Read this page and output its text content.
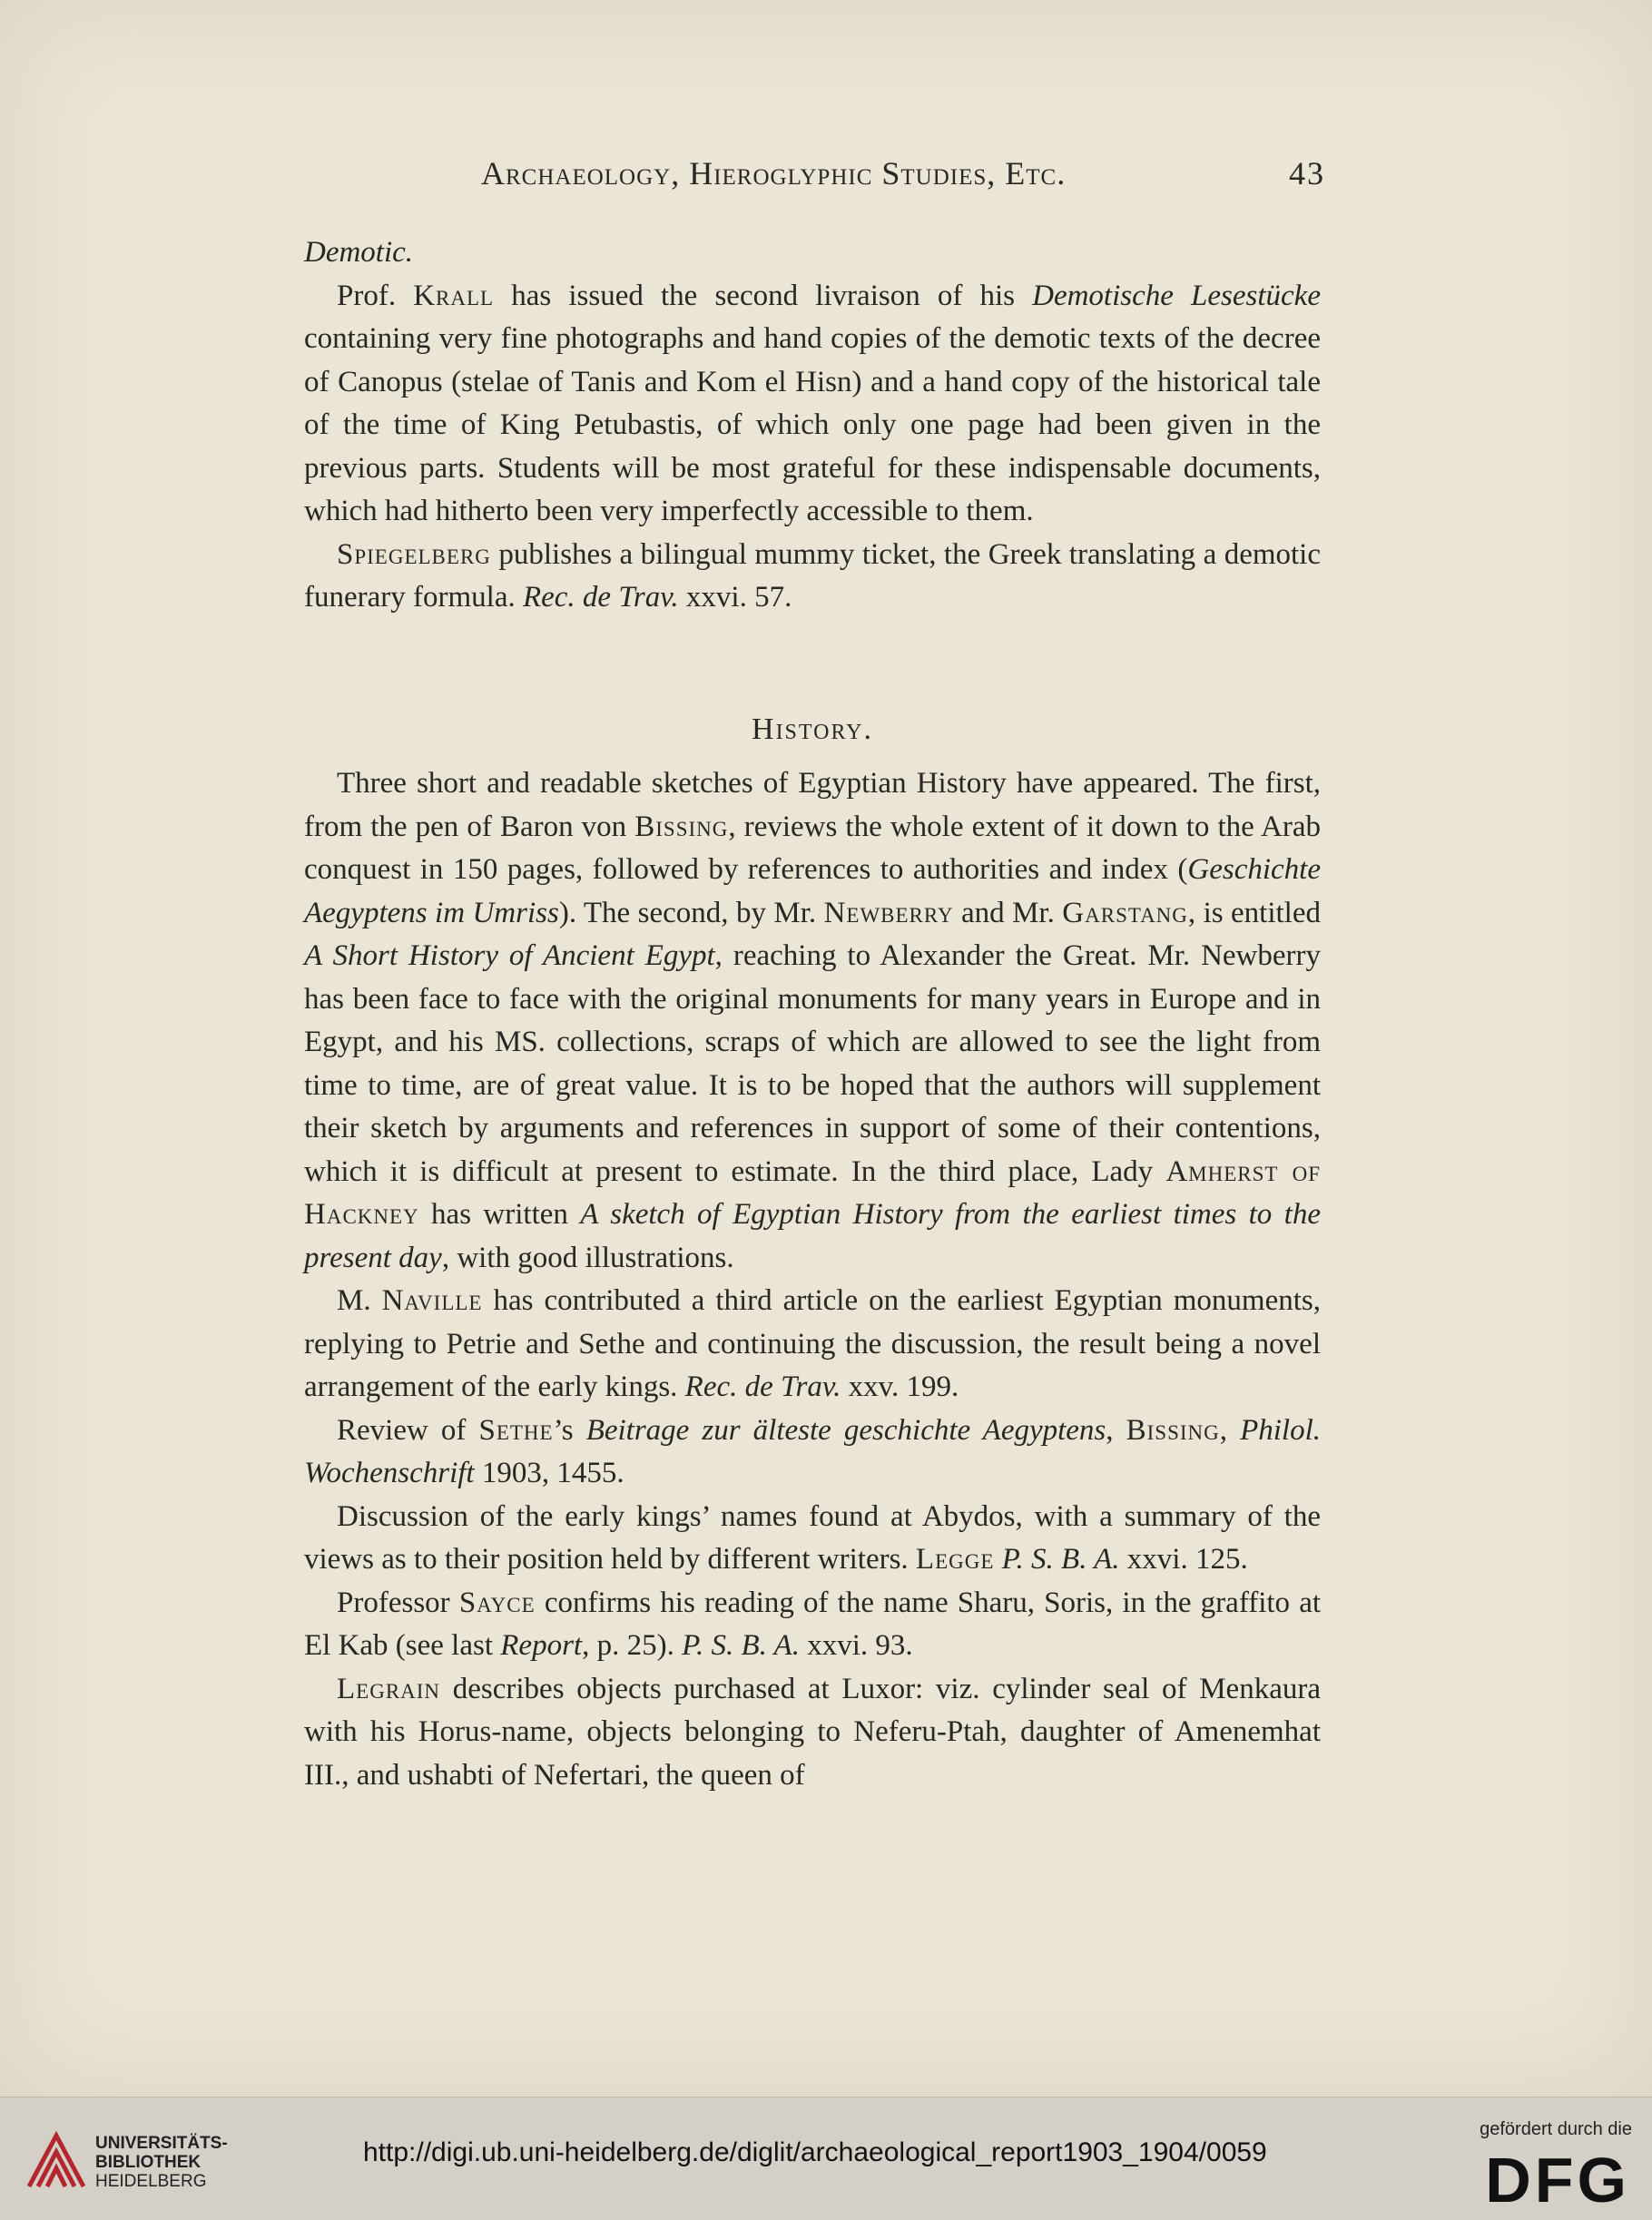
Archaeology, Hieroglyphic Studies, Etc.	43

Demotic.

Prof. Krall has issued the second livraison of his Demotische Lesestücke containing very fine photographs and hand copies of the demotic texts of the decree of Canopus (stelae of Tanis and Kom el Hisn) and a hand copy of the historical tale of the time of King Petubastis, of which only one page had been given in the previous parts. Students will be most grateful for these indispensable documents, which had hitherto been very imperfectly accessible to them.

Spiegelberg publishes a bilingual mummy ticket, the Greek translating a demotic funerary formula. Rec. de Trav. xxvi. 57.

History.

Three short and readable sketches of Egyptian History have appeared. The first, from the pen of Baron von Bissing, reviews the whole extent of it down to the Arab conquest in 150 pages, followed by references to authorities and index (Geschichte Aegyptens im Umriss). The second, by Mr. Newberry and Mr. Garstang, is entitled A Short History of Ancient Egypt, reaching to Alexander the Great. Mr. Newberry has been face to face with the original monuments for many years in Europe and in Egypt, and his MS. collections, scraps of which are allowed to see the light from time to time, are of great value. It is to be hoped that the authors will supplement their sketch by arguments and references in support of some of their contentions, which it is difficult at present to estimate. In the third place, Lady Amherst of Hackney has written A sketch of Egyptian History from the earliest times to the present day, with good illustrations.

M. Naville has contributed a third article on the earliest Egyptian monuments, replying to Petrie and Sethe and continuing the discussion, the result being a novel arrangement of the early kings. Rec. de Trav. xxv. 199.

Review of Sethe’s Beitrage zur älteste geschichte Aegyptens, Bissing, Philol. Wochenschrift 1903, 1455.

Discussion of the early kings’ names found at Abydos, with a summary of the views as to their position held by different writers. Legge P. S. B. A. xxvi. 125.

Professor Sayce confirms his reading of the name Sharu, Soris, in the graffito at El Kab (see last Report, p. 25). P. S. B. A. xxvi. 93.

Legrain describes objects purchased at Luxor: viz. cylinder seal of Menkaura with his Horus-name, objects belonging to Neferu-Ptah, daughter of Amenemhat III., and ushabti of Nefertari, the queen of

UNIVERSITÄTS-
BIBLIOTHEK
HEIDELBERG
http://digi.ub.uni-heidelberg.de/diglit/archaeological_report1903_1904/0059
gefördert durch die
DFG
